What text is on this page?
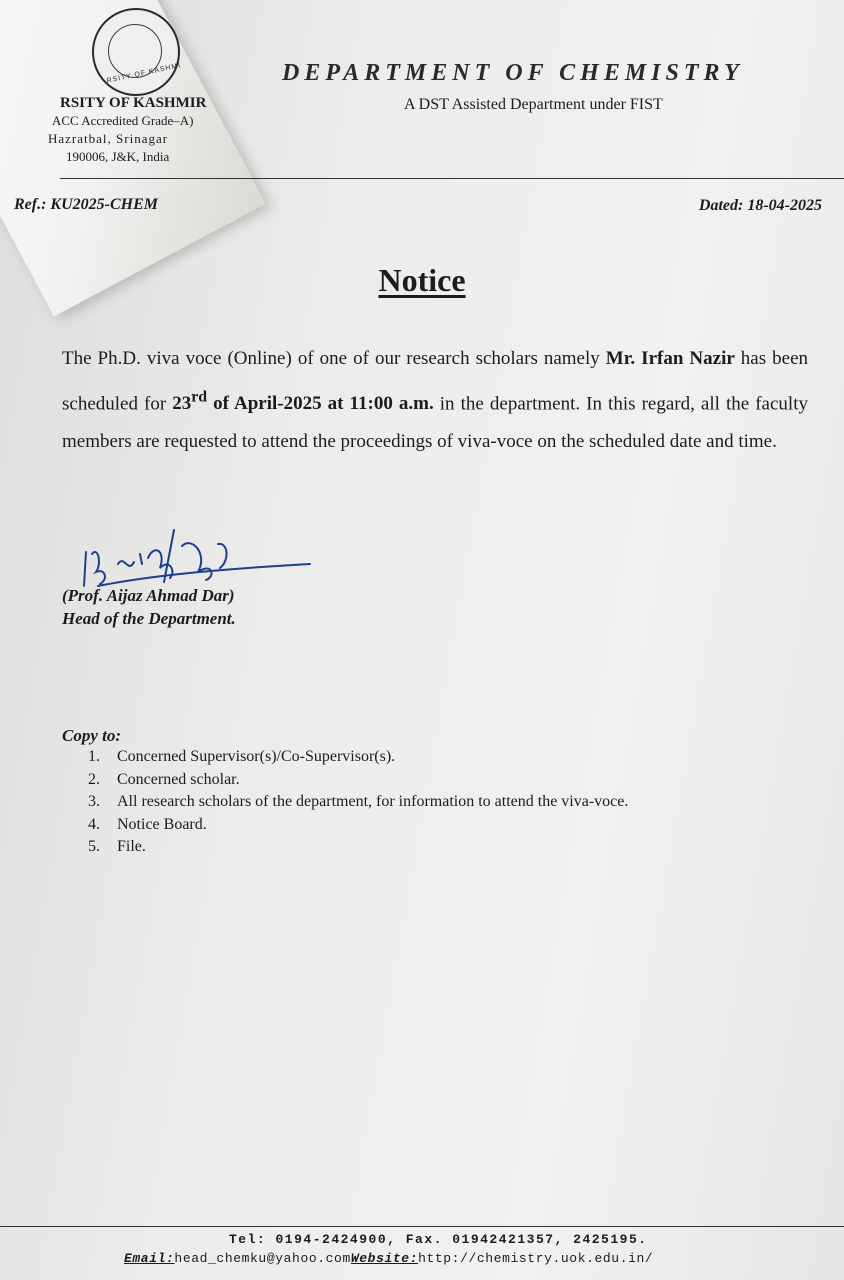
RSITY OF KASHMI
RSITY OF KASHMIR
ACC Accredited Grade–A)
Hazratbal, Srinagar
190006, J&K, India
DEPARTMENT OF CHEMISTRY
A DST Assisted Department under FIST
Ref.: KU2025-CHEM	Dated: 18-04-2025
Notice
The Ph.D. viva voce (Online) of one of our research scholars namely Mr. Irfan Nazir has been scheduled for 23rd of April-2025 at 11:00 a.m. in the department. In this regard, all the faculty members are requested to attend the proceedings of viva-voce on the scheduled date and time.
(Prof. Aijaz Ahmad Dar)
Head of the Department.
Copy to:
1.	Concerned Supervisor(s)/Co-Supervisor(s).
2.	Concerned scholar.
3.	All research scholars of the department, for information to attend the viva-voce.
4.	Notice Board.
5.	File.
Tel: 0194-2424900, Fax. 01942421357, 2425195.
Email:head_chemku@yahoo.comWebsite:http://chemistry.uok.edu.in/
